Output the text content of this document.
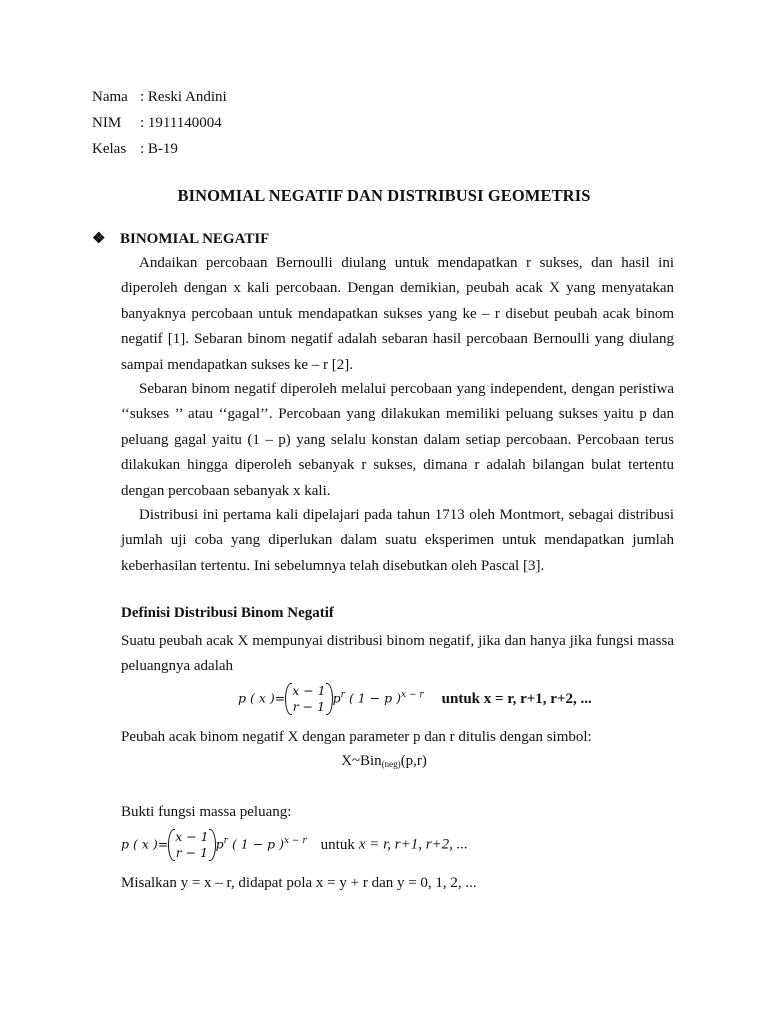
Nama : Reski Andini
NIM : 1911140004
Kelas : B-19
BINOMIAL NEGATIF DAN DISTRIBUSI GEOMETRIS
❖ BINOMIAL NEGATIF

Andaikan percobaan Bernoulli diulang untuk mendapatkan r sukses, dan hasil ini diperoleh dengan x kali percobaan. Dengan demikian, peubah acak X yang menyatakan banyaknya percobaan untuk mendapatkan sukses yang ke – r disebut peubah acak binom negatif [1]. Sebaran binom negatif adalah sebaran hasil percobaan Bernoulli yang diulang sampai mendapatkan sukses ke – r [2].

Sebaran binom negatif diperoleh melalui percobaan yang independent, dengan peristiwa ‘‘sukses ’’ atau ‘‘gagal’’. Percobaan yang dilakukan memiliki peluang sukses yaitu p dan peluang gagal yaitu (1 – p) yang selalu konstan dalam setiap percobaan. Percobaan terus dilakukan hingga diperoleh sebanyak r sukses, dimana r adalah bilangan bulat tertentu dengan percobaan sebanyak x kali.

Distribusi ini pertama kali dipelajari pada tahun 1713 oleh Montmort, sebagai distribusi jumlah uji coba yang diperlukan dalam suatu eksperimen untuk mendapatkan jumlah keberhasilan tertentu. Ini sebelumnya telah disebutkan oleh Pascal [3].

Definisi Distribusi Binom Negatif

Suatu peubah acak X mempunyai distribusi binom negatif, jika dan hanya jika fungsi massa peluangnya adalah

p ( x )= x − 1
r − 1
$p^r$ ( 1 − p )$^{x - r}$ untuk x = r, r+1, r+2, ...
Peubah acak binom negatif X dengan parameter p dan r ditulis dengan simbol:
X~Bin$_{(neg)}$(p,r)
Bukti fungsi massa peluang:
p ( x )= x − 1
r − 1
$p^r$ ( 1 − p )$^{x - r}$ untuk x = r, r+1, r+2, ...
Misalkan y = x – r, didapat pola x = y + r dan y = 0, 1, 2, ...
